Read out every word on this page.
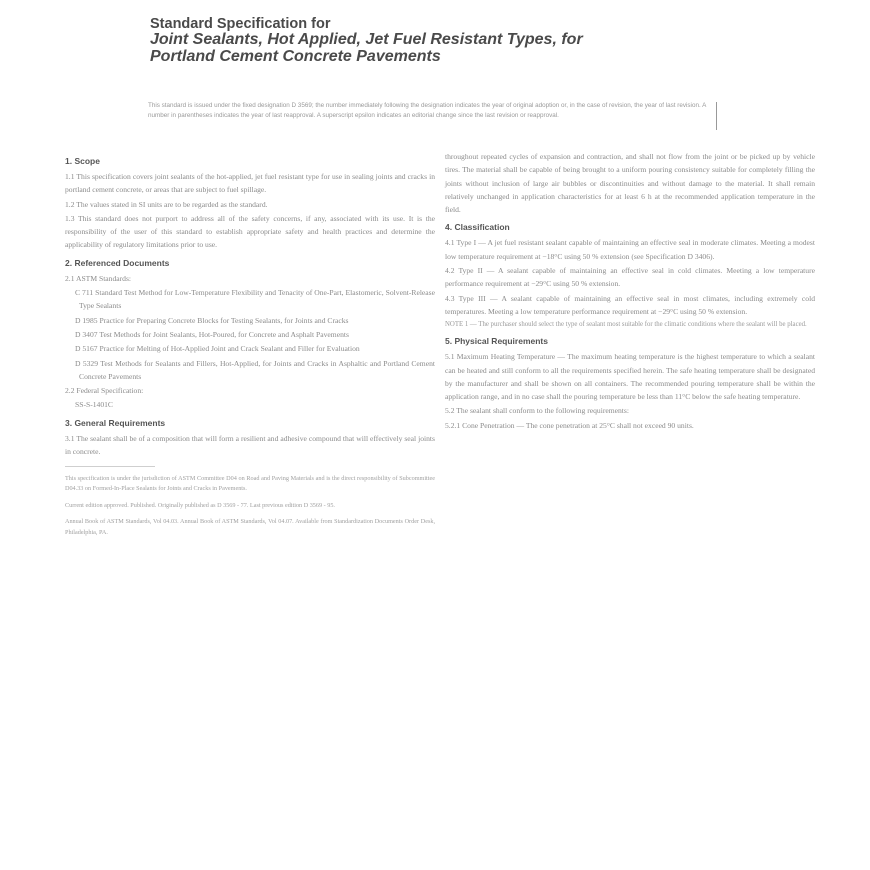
Standard Specification for
Joint Sealants, Hot Applied, Jet Fuel Resistant Types, for
Portland Cement Concrete Pavements
This standard is issued under the fixed designation D 3569; the number immediately following the designation indicates the year of original adoption or, in the case of revision, the year of last revision. A number in parentheses indicates the year of last reapproval. A superscript epsilon indicates an editorial change since the last revision or reapproval.
1. Scope

1.1 This specification covers joint sealants of the hot-applied, jet fuel resistant type for use in sealing joints and cracks in portland cement concrete, or areas that are subject to fuel spillage.

1.2 The values stated in SI units are to be regarded as the standard.

1.3 This standard does not purport to address all of the safety concerns, if any, associated with its use. It is the responsibility of the user of this standard to establish appropriate safety and health practices and determine the applicability of regulatory limitations prior to use.

2. Referenced Documents

2.1 ASTM Standards:

C 711 Standard Test Method for Low-Temperature Flexibility and Tenacity of One-Part, Elastomeric, Solvent-Release Type Sealants

D 1985 Practice for Preparing Concrete Blocks for Testing Sealants, for Joints and Cracks

D 3407 Test Methods for Joint Sealants, Hot-Poured, for Concrete and Asphalt Pavements

D 5167 Practice for Melting of Hot-Applied Joint and Crack Sealant and Filler for Evaluation

D 5329 Test Methods for Sealants and Fillers, Hot-Applied, for Joints and Cracks in Asphaltic and Portland Cement Concrete Pavements

2.2 Federal Specification:

SS-S-1401C

3. General Requirements

3.1 The sealant shall be of a composition that will form a resilient and adhesive compound that will effectively seal joints in concrete.

This specification is under the jurisdiction of ASTM Committee D04 on Road and Paving Materials and is the direct responsibility of Subcommittee D04.33 on Formed-In-Place Sealants for Joints and Cracks in Pavements.

Current edition approved. Published. Originally published as D 3569 - 77. Last previous edition D 3569 - 95.

Annual Book of ASTM Standards, Vol 04.03. Annual Book of ASTM Standards, Vol 04.07. Available from Standardization Documents Order Desk, Philadelphia, PA.

throughout repeated cycles of expansion and contraction, and shall not flow from the joint or be picked up by vehicle tires. The material shall be capable of being brought to a uniform pouring consistency suitable for completely filling the joints without inclusion of large air bubbles or discontinuities and without damage to the material. It shall remain relatively unchanged in application characteristics for at least 6 h at the recommended application temperature in the field.

4. Classification

4.1 Type I — A jet fuel resistant sealant capable of maintaining an effective seal in moderate climates. Meeting a modest low temperature requirement at −18°C using 50 % extension (see Specification D 3406).

4.2 Type II — A sealant capable of maintaining an effective seal in cold climates. Meeting a low temperature performance requirement at −29°C using 50 % extension.

4.3 Type III — A sealant capable of maintaining an effective seal in most climates, including extremely cold temperatures. Meeting a low temperature performance requirement at −29°C using 50 % extension.

NOTE 1 — The purchaser should select the type of sealant most suitable for the climatic conditions where the sealant will be placed.

5. Physical Requirements

5.1 Maximum Heating Temperature — The maximum heating temperature is the highest temperature to which a sealant can be heated and still conform to all the requirements specified herein. The safe heating temperature shall be designated by the manufacturer and shall be shown on all containers. The recommended pouring temperature shall be within the application range, and in no case shall the pouring temperature be less than 11°C below the safe heating temperature.

5.2 The sealant shall conform to the following requirements:

5.2.1 Cone Penetration — The cone penetration at 25°C shall not exceed 90 units.
